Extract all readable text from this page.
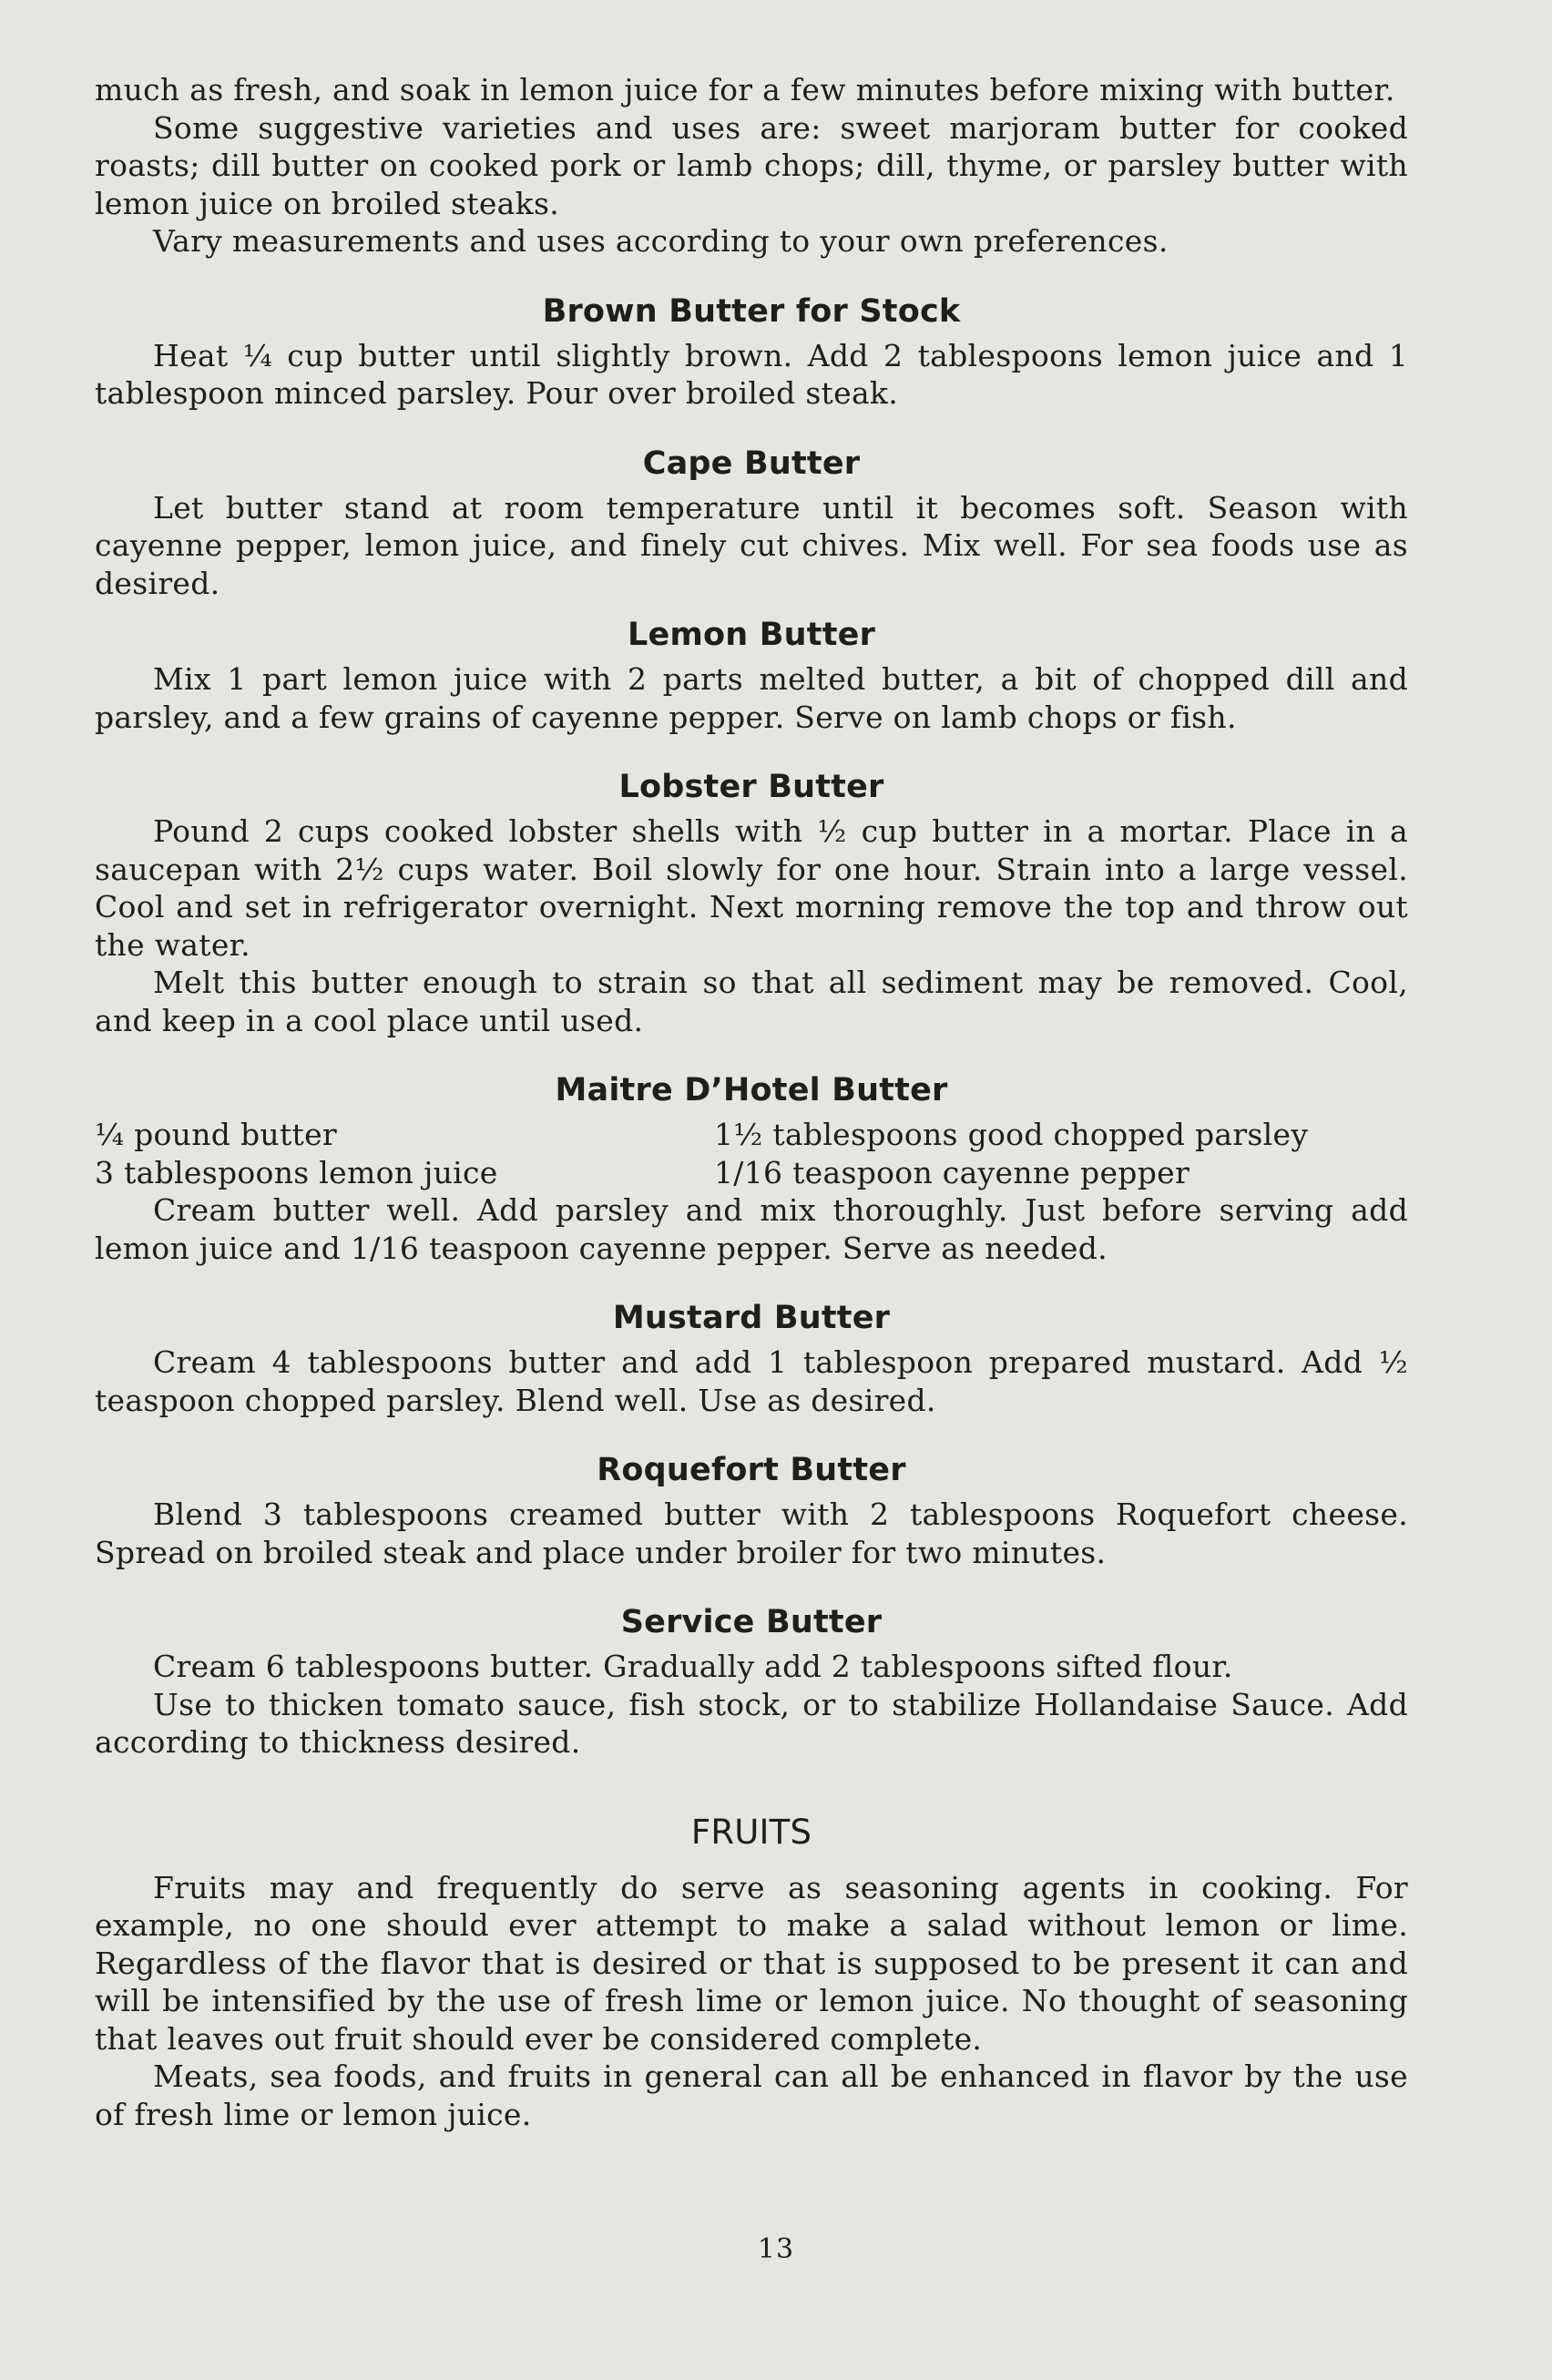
much as fresh, and soak in lemon juice for a few minutes before mixing with butter.

Some suggestive varieties and uses are: sweet marjoram butter for cooked roasts; dill butter on cooked pork or lamb chops; dill, thyme, or parsley butter with lemon juice on broiled steaks.

Vary measurements and uses according to your own preferences.

Brown Butter for Stock

Heat ¼ cup butter until slightly brown. Add 2 tablespoons lemon juice and 1 tablespoon minced parsley. Pour over broiled steak.

Cape Butter

Let butter stand at room temperature until it becomes soft. Season with cayenne pepper, lemon juice, and finely cut chives. Mix well. For sea foods use as desired.

Lemon Butter

Mix 1 part lemon juice with 2 parts melted butter, a bit of chopped dill and parsley, and a few grains of cayenne pepper. Serve on lamb chops or fish.

Lobster Butter

Pound 2 cups cooked lobster shells with ½ cup butter in a mortar. Place in a saucepan with 2½ cups water. Boil slowly for one hour. Strain into a large vessel. Cool and set in refrigerator overnight. Next morning remove the top and throw out the water.

Melt this butter enough to strain so that all sediment may be removed. Cool, and keep in a cool place until used.

Maitre D’Hotel Butter
¼ pound butter	1½ tablespoons good chopped parsley
3 tablespoons lemon juice	1/16 teaspoon cayenne pepper

Cream butter well. Add parsley and mix thoroughly. Just before serving add lemon juice and 1/16 teaspoon cayenne pepper. Serve as needed.

Mustard Butter

Cream 4 tablespoons butter and add 1 tablespoon prepared mustard. Add ½ teaspoon chopped parsley. Blend well. Use as desired.

Roquefort Butter

Blend 3 tablespoons creamed butter with 2 tablespoons Roquefort cheese. Spread on broiled steak and place under broiler for two minutes.

Service Butter

Cream 6 tablespoons butter. Gradually add 2 tablespoons sifted flour.

Use to thicken tomato sauce, fish stock, or to stabilize Hollandaise Sauce. Add according to thickness desired.

FRUITS

Fruits may and frequently do serve as seasoning agents in cooking. For example, no one should ever attempt to make a salad without lemon or lime. Regardless of the flavor that is desired or that is supposed to be present it can and will be intensified by the use of fresh lime or lemon juice. No thought of seasoning that leaves out fruit should ever be considered complete.

Meats, sea foods, and fruits in general can all be enhanced in flavor by the use of fresh lime or lemon juice.

13
